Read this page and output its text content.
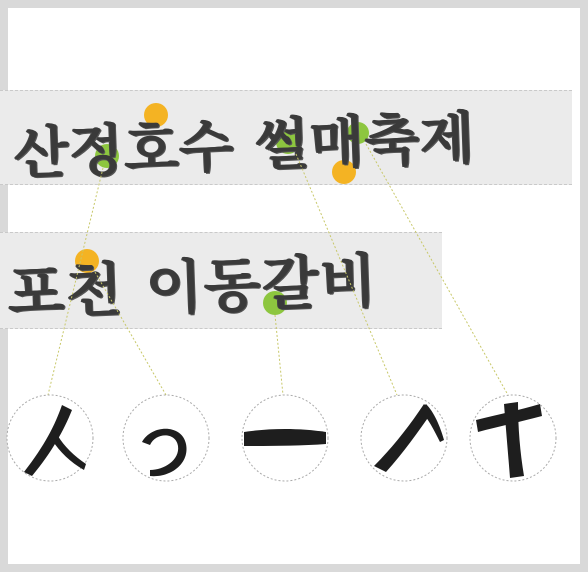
산정호수 썰매축제
포천 이동갈비
